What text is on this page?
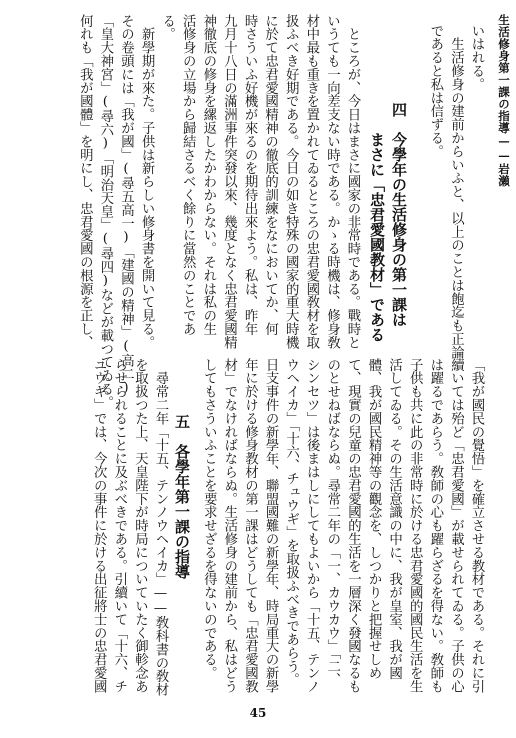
生活修身第一課の指導——岩瀨
いはれる。
　生活修身の建前からいふと、以上のことは飽迄も正論
であると私は信ずる。
四　今學年の生活修身の第一課は
　　まさに「忠君愛國教材」である
　ところが、今日はまさに國家の非常時である。戰時と
いうても一向差支ない時である。かゝる時機は、修身敎
材中最も重きを置かれてゐるところの忠君愛國敎材を取
扱ふべき好期である。今日の如き特殊の國家的重大時機
に於て忠君愛國精神の徹底的訓練をなにおいてか、何
時さういふ好機が來るのを期待出來よう。私は、昨年
九月十八日の滿洲事件突發以來、幾度となく忠君愛國精
神徹底の修身を縲返したかわからない。それは私の生
活修身の立場から歸結さるべく餘りに當然のことであ
る。
　新學期が來た。子供は新らしい修身書を開いて見る。
その卷頭には「我が國」(尋五高一)「建國の精神」(高二)
「皇大神宮」(尋六)「明治天皇」(尋四)などが載つてゐる。
何れも「我が國體」を明にし、忠君愛國の根源を正し、
「我が國民の覺悟」を確立させる教材である。それに引
續いては殆ど「忠君愛國」が載せられてゐる。子供の心
は躍るであらう。敎師の心も躍らざるを得ない。敎師も
子供も共に此の非常時に於ける忠君愛國的國民生活を生
活してゐる。その生活意識の中に、我が皇室、我が國
體、我が國民精神等の觀念を、しつかりと把握せしめ
て、現實の兒童の忠君愛國的生活を一層深く發國なるも
のとせねばならぬ。尋常二年の「一、カウカウ」「二、
シンセツ」は後まはしにしてもよいから「十五、テンノ
ウヘイカ」「十六、チュウギ」を取扱ふべきであらう。
日支事件の新學年、聯盟國難の新學年、時局重大の新學
年に於ける修身教材の第一課はどうしても「忠君愛國教
材」でなければならぬ。生活修身の建前から、私はどう
してもさういふことを要求せざるを得ないのである。
五　各學年第一課の指導
　尋常二年「十五、テンノウヘイカ」——敎科書の敎材
を取扱つた上、天皇陛下が時局についていたく御軫念あ
らせられることに及ぶべきである。引續いて「十六、チ
ユウギ」では、今次の事件に於ける出征將士の忠君愛國
45
